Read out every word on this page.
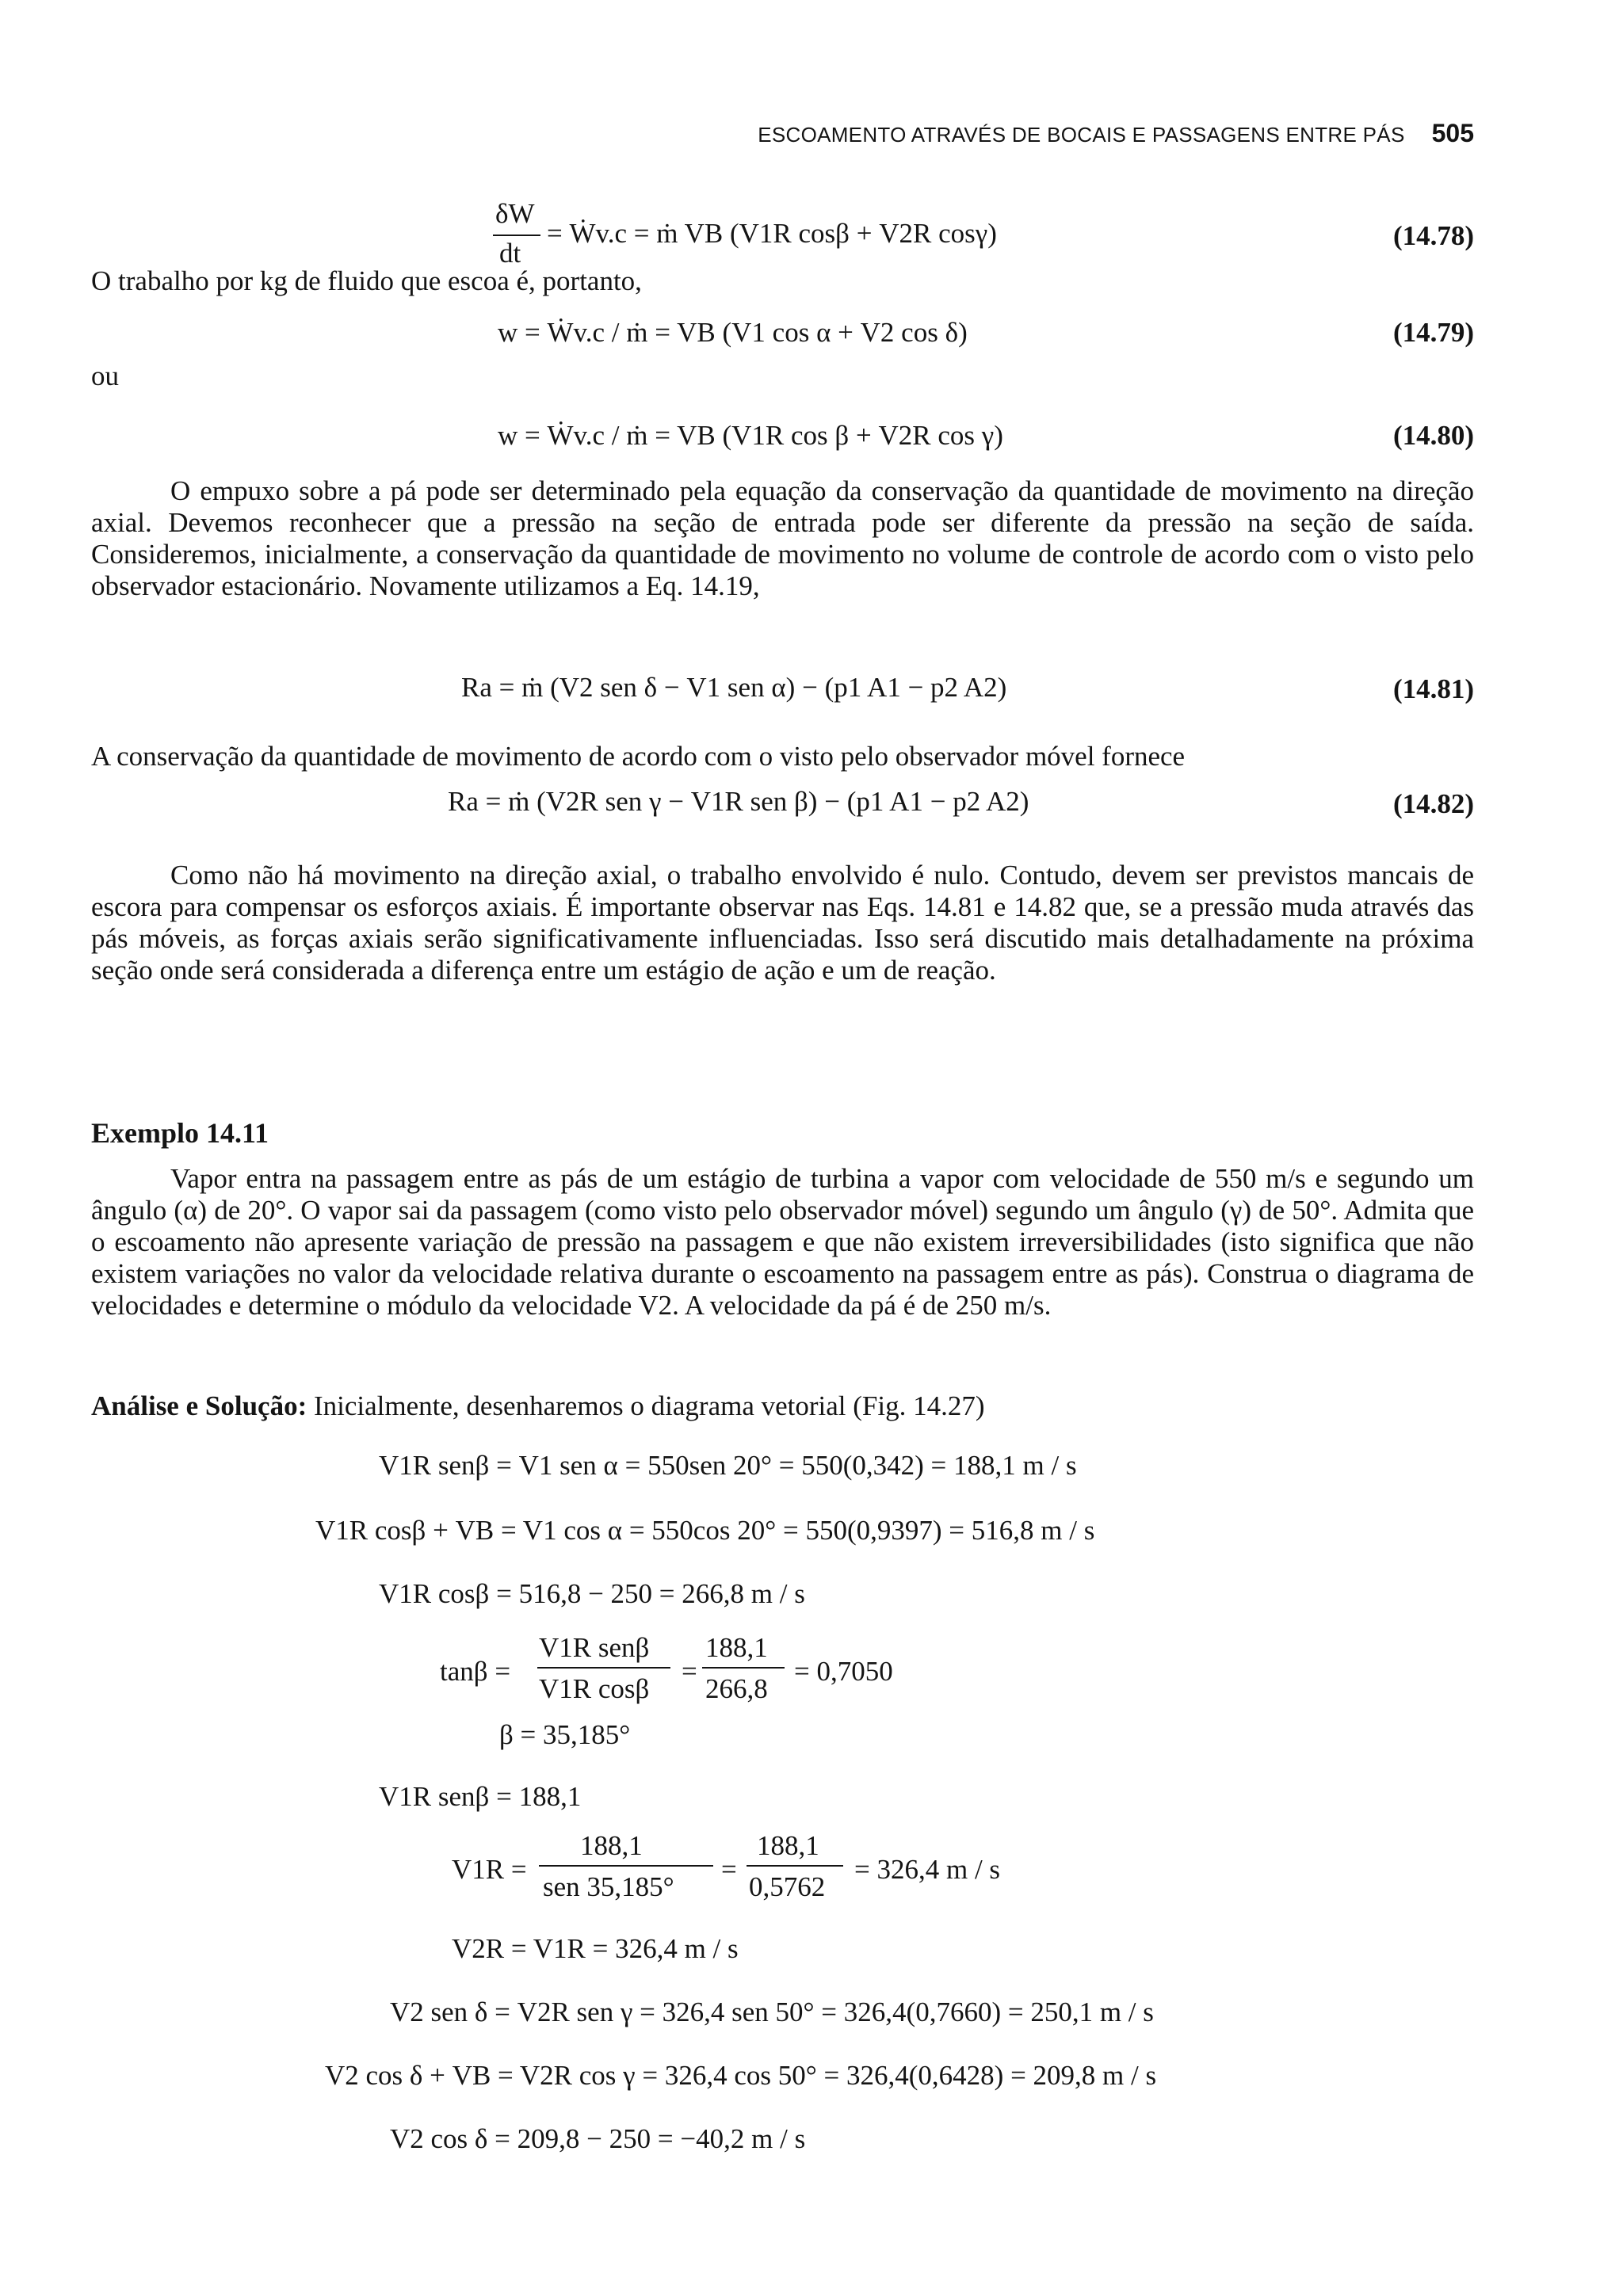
ESCOAMENTO ATRAVÉS DE BOCAIS E PASSAGENS ENTRE PÁS 505
δW
dt
= Ẇv.c = ṁ VB (V1R cosβ + V2R cosγ)	(14.78)
O trabalho por kg de fluido que escoa é, portanto,
w = Ẇv.c / ṁ = VB (V1 cos α + V2 cos δ)	(14.79)
ou
w = Ẇv.c / ṁ = VB (V1R cos β + V2R cos γ)	(14.80)
O empuxo sobre a pá pode ser determinado pela equação da conservação da quantidade de movimento na direção axial. Devemos reconhecer que a pressão na seção de entrada pode ser diferente da pressão na seção de saída. Consideremos, inicialmente, a conservação da quantidade de movimento no volume de controle de acordo com o visto pelo observador estacionário. Novamente utilizamos a Eq. 14.19,
Ra = ṁ (V2 sen δ − V1 sen α) − (p1 A1 − p2 A2)	(14.81)
A conservação da quantidade de movimento de acordo com o visto pelo observador móvel fornece
Ra = ṁ (V2R sen γ − V1R sen β) − (p1 A1 − p2 A2)	(14.82)
Como não há movimento na direção axial, o trabalho envolvido é nulo. Contudo, devem ser previstos mancais de escora para compensar os esforços axiais. É importante observar nas Eqs. 14.81 e 14.82 que, se a pressão muda através das pás móveis, as forças axiais serão significativamente influenciadas. Isso será discutido mais detalhadamente na próxima seção onde será considerada a diferença entre um estágio de ação e um de reação.
Exemplo 14.11
Vapor entra na passagem entre as pás de um estágio de turbina a vapor com velocidade de 550 m/s e segundo um ângulo (α) de 20°. O vapor sai da passagem (como visto pelo observador móvel) segundo um ângulo (γ) de 50°. Admita que o escoamento não apresente variação de pressão na passagem e que não existem irreversibilidades (isto significa que não existem variações no valor da velocidade relativa durante o escoamento na passagem entre as pás). Construa o diagrama de velocidades e determine o módulo da velocidade V2. A velocidade da pá é de 250 m/s.
Análise e Solução: Inicialmente, desenharemos o diagrama vetorial (Fig. 14.27)
V1R senβ = V1 sen α = 550sen 20° = 550(0,342) = 188,1 m / s
V1R cosβ + VB = V1 cos α = 550cos 20° = 550(0,9397) = 516,8 m / s
V1R cosβ = 516,8 − 250 = 266,8 m / s
tanβ =
V1R senβ
V1R cosβ
=
188,1
266,8
= 0,7050
β = 35,185°
V1R senβ = 188,1
V1R =
188,1
sen 35,185°
=
188,1
0,5762
= 326,4 m / s
V2R = V1R = 326,4 m / s
V2 sen δ = V2R sen γ = 326,4 sen 50° = 326,4(0,7660) = 250,1 m / s
V2 cos δ + VB = V2R cos γ = 326,4 cos 50° = 326,4(0,6428) = 209,8 m / s
V2 cos δ = 209,8 − 250 = −40,2 m / s
